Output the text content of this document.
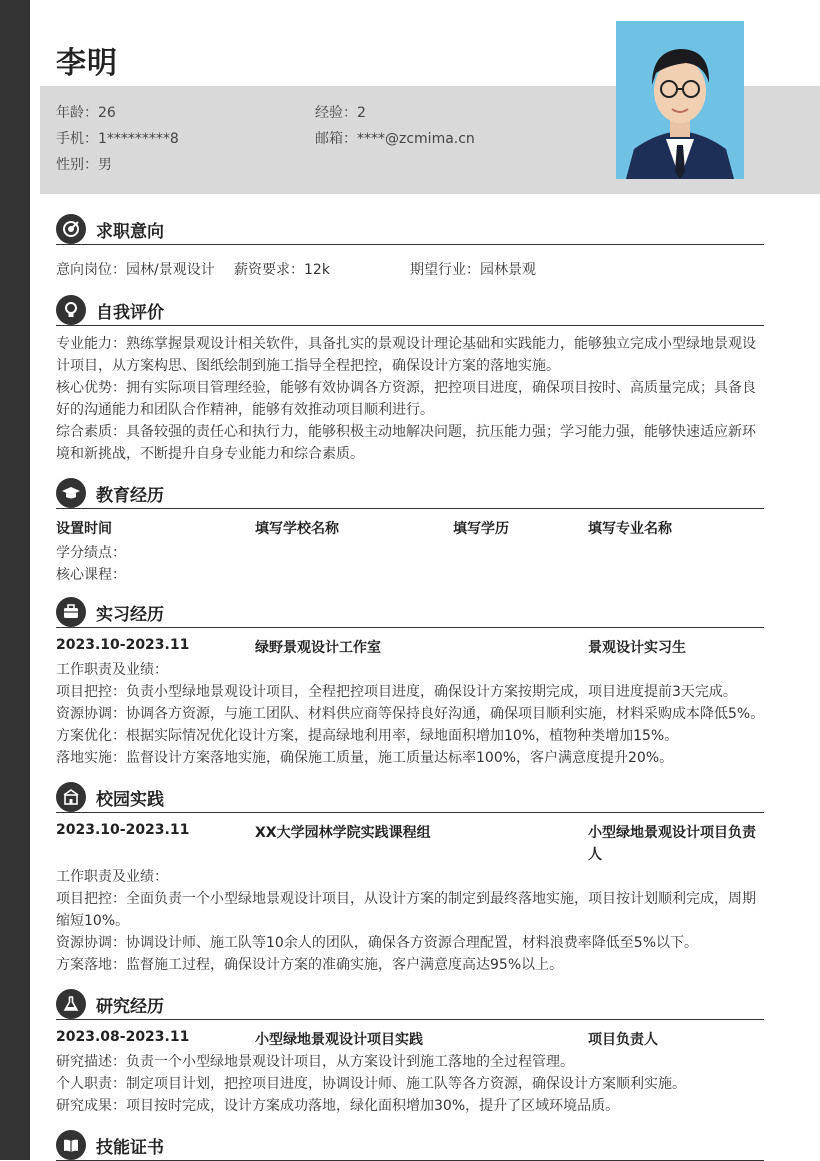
李明
年龄：26	经验：2
手机：1*********8	邮箱：****@zcmima.cn
性别：男
求职意向
意向岗位：园林/景观设计 薪资要求：12k	期望行业：园林景观
自我评价
专业能力：熟练掌握景观设计相关软件，具备扎实的景观设计理论基础和实践能力，能够独立完成小型绿地景观设计项目，从方案构思、图纸绘制到施工指导全程把控，确保设计方案的落地实施。
核心优势：拥有实际项目管理经验，能够有效协调各方资源，把控项目进度，确保项目按时、高质量完成；具备良好的沟通能力和团队合作精神，能够有效推动项目顺利进行。
综合素质：具备较强的责任心和执行力，能够积极主动地解决问题，抗压能力强；学习能力强，能够快速适应新环境和新挑战，不断提升自身专业能力和综合素质。
教育经历
设置时间	填写学校名称	填写学历	填写专业名称
学分绩点：
核心课程：
实习经历
2023.10-2023.11	绿野景观设计工作室	景观设计实习生
工作职责及业绩：
项目把控：负责小型绿地景观设计项目，全程把控项目进度，确保设计方案按期完成，项目进度提前3天完成。
资源协调：协调各方资源，与施工团队、材料供应商等保持良好沟通，确保项目顺利实施，材料采购成本降低5%。
方案优化：根据实际情况优化设计方案，提高绿地利用率，绿地面积增加10%，植物种类增加15%。
落地实施：监督设计方案落地实施，确保施工质量，施工质量达标率100%，客户满意度提升20%。
校园实践
2023.10-2023.11	XX大学园林学院实践课程组	小型绿地景观设计项目负责人
工作职责及业绩：
项目把控：全面负责一个小型绿地景观设计项目，从设计方案的制定到最终落地实施，项目按计划顺利完成，周期缩短10%。
资源协调：协调设计师、施工队等10余人的团队，确保各方资源合理配置，材料浪费率降低至5%以下。
方案落地：监督施工过程，确保设计方案的准确实施，客户满意度高达95%以上。
研究经历
2023.08-2023.11	小型绿地景观设计项目实践	项目负责人
研究描述：负责一个小型绿地景观设计项目，从方案设计到施工落地的全过程管理。
个人职责：制定项目计划，把控项目进度，协调设计师、施工队等各方资源，确保设计方案顺利实施。
研究成果：项目按时完成，设计方案成功落地，绿化面积增加30%，提升了区域环境品质。
技能证书
